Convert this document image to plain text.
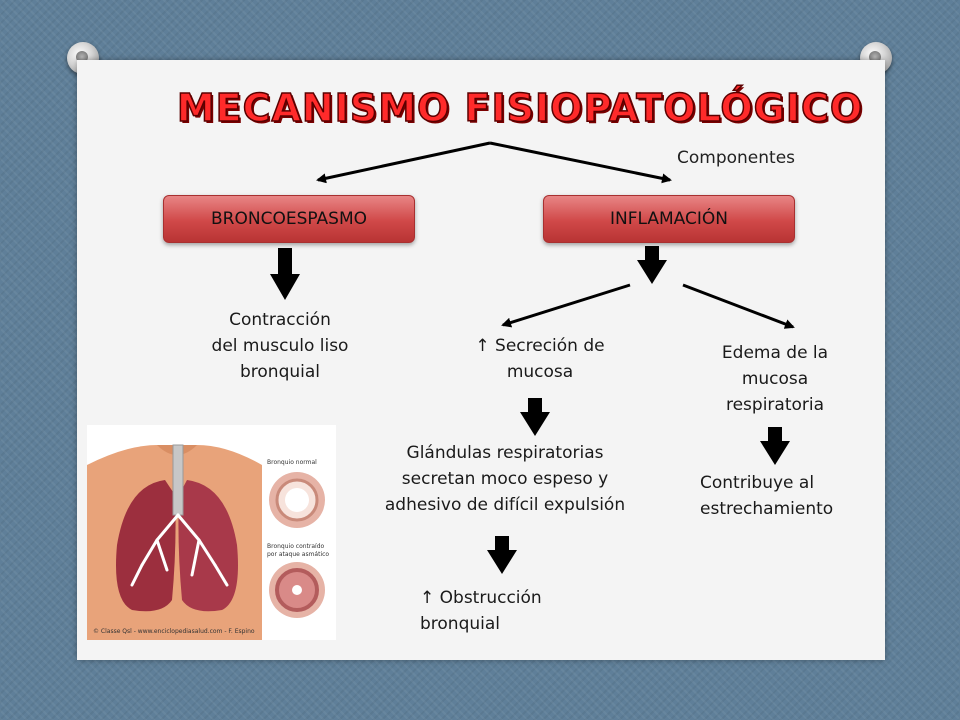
MECANISMO FISIOPATOLÓGICO
Componentes
BRONCOESPASMO	INFLAMACIÓN
Contracción
del musculo liso
bronquial
↑ Secreción de
mucosa
Edema de la
mucosa
respiratoria
Glándulas respiratorias
secretan moco espeso y
adhesivo de difícil expulsión
Contribuye al
estrechamiento
↑ Obstrucción
bronquial
Bronquio normal
Bronquio contraído por ataque asmático
© Classe Qsl - www.enciclopediasalud.com - F. Espino
